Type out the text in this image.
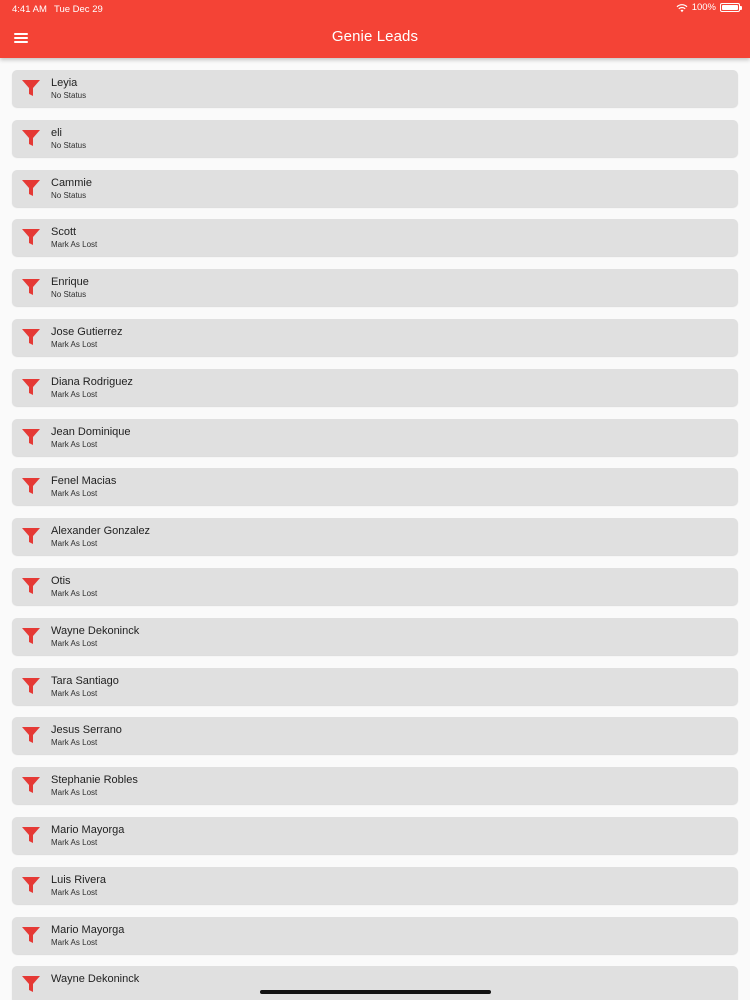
4:41 AM Tue Dec 29	100%
Genie Leads
Leyia
No Status
eli
No Status
Cammie
No Status
Scott
Mark As Lost
Enrique
No Status
Jose Gutierrez
Mark As Lost
Diana Rodriguez
Mark As Lost
Jean Dominique
Mark As Lost
Fenel Macias
Mark As Lost
Alexander Gonzalez
Mark As Lost
Otis
Mark As Lost
Wayne Dekoninck
Mark As Lost
Tara Santiago
Mark As Lost
Jesus Serrano
Mark As Lost
Stephanie Robles
Mark As Lost
Mario Mayorga
Mark As Lost
Luis Rivera
Mark As Lost
Mario Mayorga
Mark As Lost
Wayne Dekoninck
